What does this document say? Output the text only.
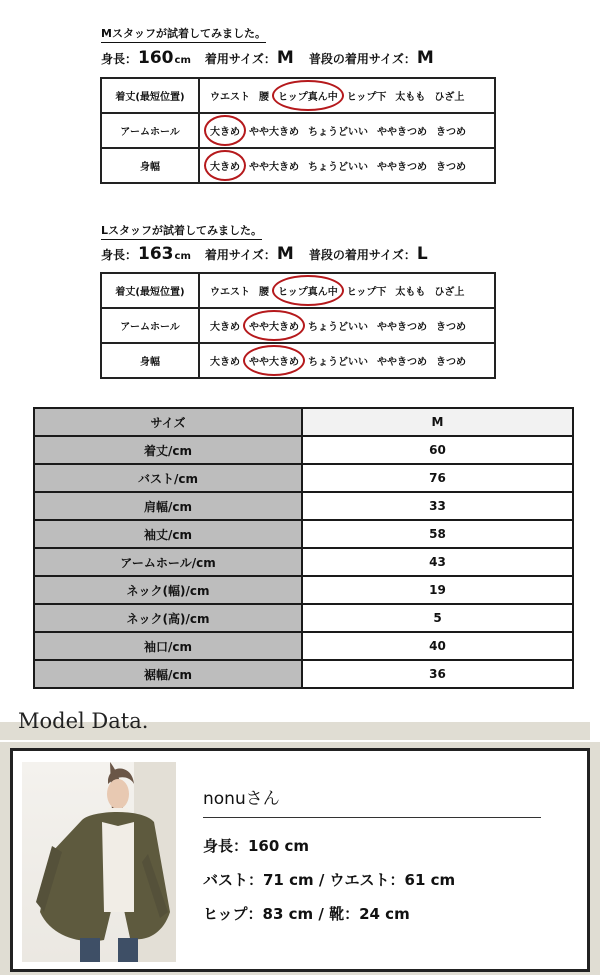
Mスタッフが試着してみました。
身長： 160 cm 着用サイズ： M 普段の着用サイズ： M
着丈(最短位置)	ウエスト 腰 ヒップ真ん中 ヒップ下 太もも ひざ上
アームホール	大きめ やや大きめ ちょうどいい ややきつめ きつめ
身幅	大きめ やや大きめ ちょうどいい ややきつめ きつめ
Lスタッフが試着してみました。
身長： 163 cm 着用サイズ： M 普段の着用サイズ： L
着丈(最短位置)	ウエスト 腰 ヒップ真ん中 ヒップ下 太もも ひざ上
アームホール	大きめ やや大きめ ちょうどいい ややきつめ きつめ
身幅	大きめ やや大きめ ちょうどいい ややきつめ きつめ
サイズ	M
着丈/cm	60
バスト/cm	76
肩幅/cm	33
袖丈/cm	58
アームホール/cm	43
ネック(幅)/cm	19
ネック(高)/cm	5
袖口/cm	40
裾幅/cm	36
Model Data.
nonuさん
身長：160 cm
バスト：71 cm / ウエスト：61 cm
ヒップ：83 cm / 靴：24 cm
